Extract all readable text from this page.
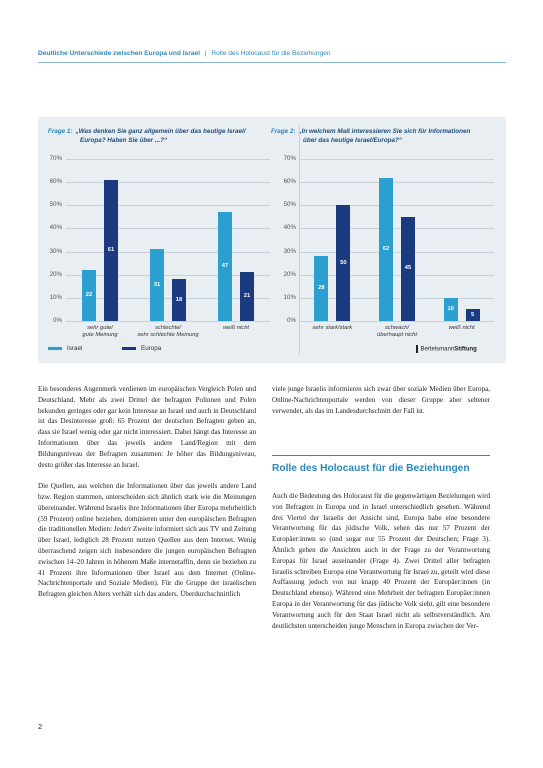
Deutliche Unterschiede zwischen Europa und Israel | Rolle des Holocaust für die Beziehungen
Frage 1: „Was denken Sie ganz allgemein über das heutige Israel/
Europa? Haben Sie über ...?“
Frage 2: „In welchem Maß interessieren Sie sich für Informationen
über das heutige Israel/Europa?“
0%
10%
20%
30%
40%
50%
60%
70%
22
61
sehr gute/
gute Meinung
31
18
schlechte/
sehr schlechte Meinung
47
21
weiß nicht
0%
10%
20%
30%
40%
50%
60%
70%
28
50
sehr stark/stark
62
45
schwach/
überhaupt nicht
10
5
weiß nicht
Israel	Europa	BertelsmannStiftung

Ein besonderes Augenmerk verdienen im europäischen Vergleich Polen und Deutschland. Mehr als zwei Drittel der befragten Polinnen und Polen bekunden geringes oder gar kein Interesse an Israel und auch in Deutschland ist das Desinteresse groß: 65 Prozent der deutschen Befragten geben an, dass sie Israel wenig oder gar nicht interessiert. Dabei hängt das Interesse an Informationen über das jeweils andere Land/Region mit dem Bildungsniveau der Befragten zusammen: Je höher das Bildungsniveau, desto größer das Interesse an Israel.

Die Quellen, aus welchen die Informationen über das jeweils andere Land bzw. Region stammen, unterscheiden sich ähnlich stark wie die Meinungen übereinander. Während Israelis ihre Informationen über Europa mehrheitlich (59 Prozent) online beziehen, dominieren unter den europäischen Befragten die traditionellen Medien: Jede/r Zweite informiert sich aus TV und Zeitung über Israel, lediglich 28 Prozent nutzen Quellen aus dem Internet. Wenig überraschend zeigen sich insbesondere die jungen europäischen Befragten zwischen 14–20 Jahren in höherem Maße internetaffin, denn sie beziehen zu 41 Prozent ihre Informationen über Israel aus dem Internet (Online-Nachrichtenportale und Soziale Medien). Für die Gruppe der israelischen Befragten gleichen Alters verhält sich das anders. Überdurchschnittlich

viele junge Israelis informieren sich zwar über soziale Medien über Europa, Online-Nachrichtenportale werden von dieser Gruppe aber seltener verwendet, als das im Landesdurchschnitt der Fall ist.

Rolle des Holocaust für die Beziehungen

Auch die Bedeutung des Holocaust für die gegenwärtigen Beziehungen wird von Befragten in Europa und in Israel unterschiedlich gesehen. Während drei Viertel der Israelis der Ansicht sind, Europa habe eine besondere Verantwortung für das jüdische Volk, sehen das nur 57 Prozent der Europäer:innen so (und sogar nur 55 Prozent der Deutschen; Frage 3). Ähnlich gehen die Ansichten auch in der Frage zu der Verantwortung Europas für Israel auseinander (Frage 4). Zwei Drittel aller befragten Israelis schreiben Europa eine Verantwortung für Israel zu, geteilt wird diese Auffassung jedoch von nur knapp 40 Prozent der Europäer:innen (in Deutschland ebenso). Während eine Mehrheit der befragten Europäer:innen Europa in der Verantwortung für das jüdische Volk sieht, gilt eine besondere Verantwortung auch für den Staat Israel nicht als selbstverständlich. Am deutlichsten unterscheiden junge Menschen in Europa zwischen der Ver-

2
